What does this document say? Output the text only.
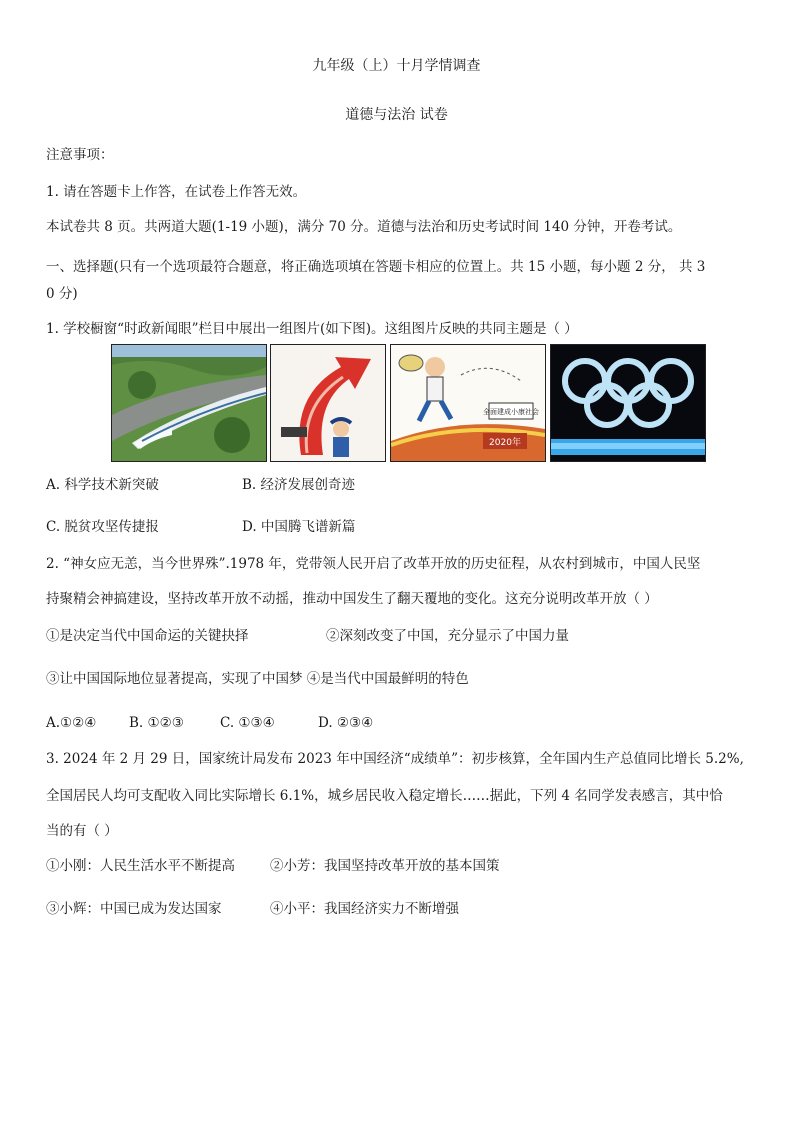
九年级（上）十月学情调查
道德与法治 试卷
注意事项：
1. 请在答题卡上作答，在试卷上作答无效。
本试卷共 8 页。共两道大题(1-19 小题)，满分 70 分。道德与法治和历史考试时间 140 分钟，开卷考试。
一、选择题(只有一个选项最符合题意，将正确选项填在答题卡相应的位置上。共 15 小题，每小题 2 分， 共 3
0 分)
1. 学校橱窗“时政新闻眼”栏目中展出一组图片(如下图)。这组图片反映的共同主题是（ ）
全面建成小康社会
2020年
A. 科学技术新突破	B. 经济发展创奇迹
C. 脱贫攻坚传捷报	D. 中国腾飞谱新篇
2. “神女应无恙，当今世界殊”.1978 年，党带领人民开启了改革开放的历史征程，从农村到城市，中国人民坚
持聚精会神搞建设，坚持改革开放不动摇，推动中国发生了翻天覆地的变化。这充分说明改革开放（ ）
①是决定当代中国命运的关键抉择	②深刻改变了中国，充分显示了中国力量
③让中国国际地位显著提高，实现了中国梦 ④是当代中国最鲜明的特色
A.①②④ B. ①②③	C. ①③④	D. ②③④
3. 2024 年 2 月 29 日，国家统计局发布 2023 年中国经济“成绩单”：初步核算，全年国内生产总值同比增长 5.2%,
全国居民人均可支配收入同比实际增长 6.1%，城乡居民收入稳定增长……据此，下列 4 名同学发表感言，其中恰
当的有（ ）
①小刚：人民生活水平不断提高	②小芳：我国坚持改革开放的基本国策
③小辉：中国已成为发达国家	④小平：我国经济实力不断增强
